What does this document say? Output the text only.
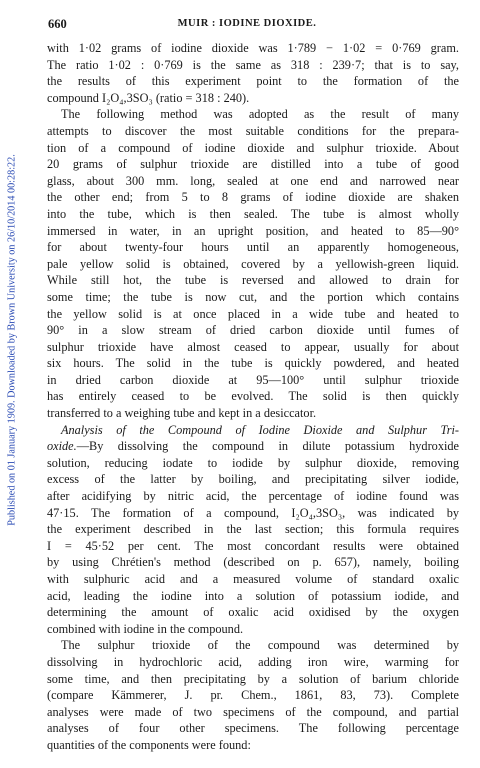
Published on 01 January 1909. Downloaded by Brown University on 26/10/2014 00:28:22.
660	MUIR : IODINE DIOXIDE.

with 1·02 grams of iodine dioxide was 1·789 − 1·02 = 0·769 gram.
The ratio 1·02 : 0·769 is the same as 318 : 239·7; that is to say,
the results of this experiment point to the formation of the
compound I₂O₄,3SO₃ (ratio = 318 : 240).

The following method was adopted as the result of many
attempts to discover the most suitable conditions for the prepara-
tion of a compound of iodine dioxide and sulphur trioxide. About
20 grams of sulphur trioxide are distilled into a tube of good
glass, about 300 mm. long, sealed at one end and narrowed near
the other end; from 5 to 8 grams of iodine dioxide are shaken
into the tube, which is then sealed. The tube is almost wholly
immersed in water, in an upright position, and heated to 85—90°
for about twenty-four hours until an apparently homogeneous,
pale yellow solid is obtained, covered by a yellowish-green liquid.
While still hot, the tube is reversed and allowed to drain for
some time; the tube is now cut, and the portion which contains
the yellow solid is at once placed in a wide tube and heated to
90° in a slow stream of dried carbon dioxide until fumes of
sulphur trioxide have almost ceased to appear, usually for about
six hours. The solid in the tube is quickly powdered, and heated
in dried carbon dioxide at 95—100° until sulphur trioxide
has entirely ceased to be evolved. The solid is then quickly
transferred to a weighing tube and kept in a desiccator.

Analysis of the Compound of Iodine Dioxide and Sulphur Tri-
oxide.—By dissolving the compound in dilute potassium hydroxide
solution, reducing iodate to iodide by sulphur dioxide, removing
excess of the latter by boiling, and precipitating silver iodide,
after acidifying by nitric acid, the percentage of iodine found was
47·15. The formation of a compound, I₂O₄,3SO₃, was indicated by
the experiment described in the last section; this formula requires
I = 45·52 per cent. The most concordant results were obtained
by using Chrétien's method (described on p. 657), namely, boiling
with sulphuric acid and a measured volume of standard oxalic
acid, leading the iodine into a solution of potassium iodide, and
determining the amount of oxalic acid oxidised by the oxygen
combined with iodine in the compound.

The sulphur trioxide of the compound was determined by
dissolving in hydrochloric acid, adding iron wire, warming for
some time, and then precipitating by a solution of barium chloride
(compare Kämmerer, J. pr. Chem., 1861, 83, 73). Complete
analyses were made of two specimens of the compound, and partial
analyses of four other specimens. The following percentage
quantities of the components were found:
